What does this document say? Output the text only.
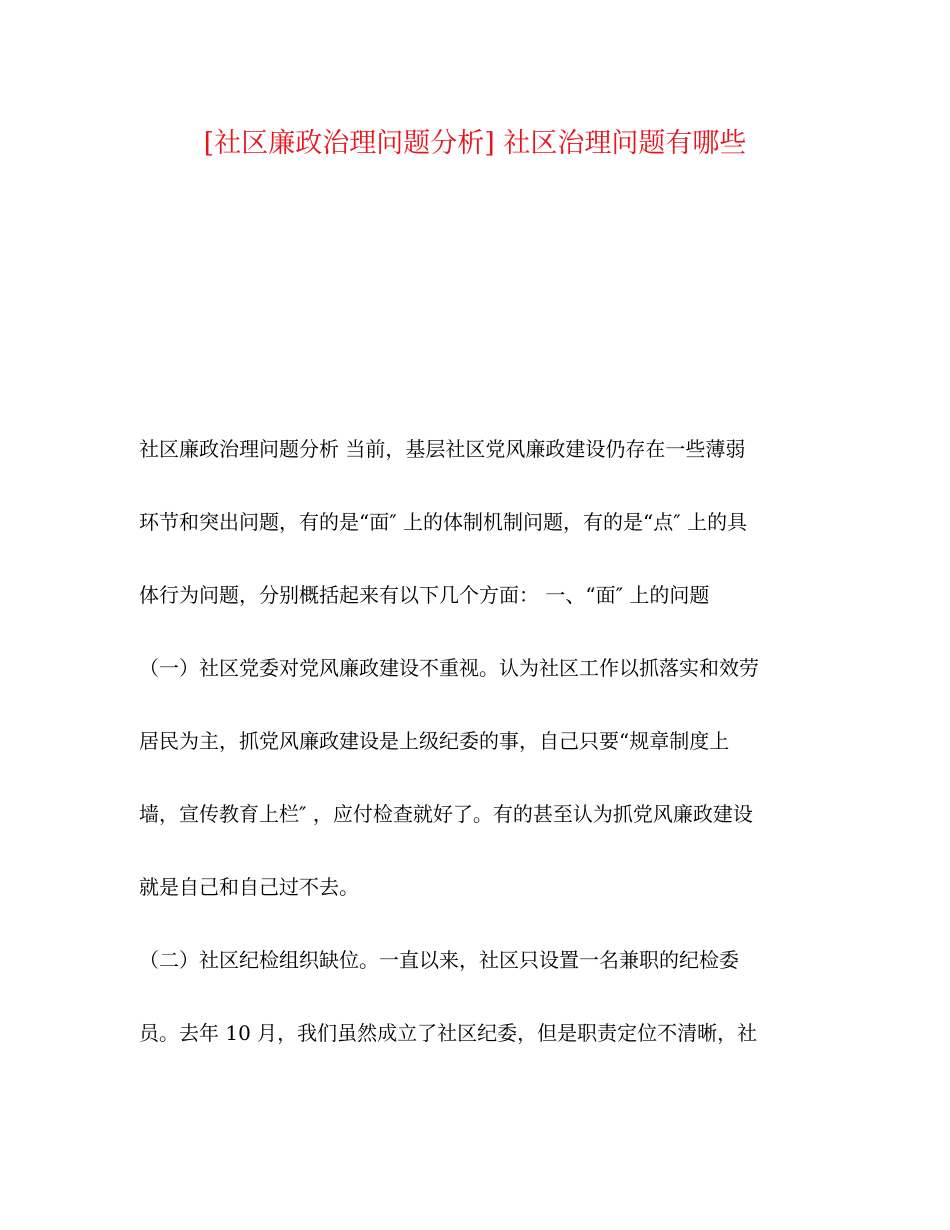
[社区廉政治理问题分析] 社区治理问题有哪些
社区廉政治理问题分析 当前，基层社区党风廉政建设仍存在一些薄弱
环节和突出问题，有的是“面″ 上的体制机制问题，有的是“点″ 上的具
体行为问题，分别概括起来有以下几个方面： 一、“面″ 上的问题
（一）社区党委对党风廉政建设不重视。认为社区工作以抓落实和效劳
居民为主，抓党风廉政建设是上级纪委的事，自己只要“规章制度上
墙，宣传教育上栏″ ，应付检查就好了。有的甚至认为抓党风廉政建设
就是自己和自己过不去。
（二）社区纪检组织缺位。一直以来，社区只设置一名兼职的纪检委
员。去年 10 月，我们虽然成立了社区纪委，但是职责定位不清晰，社
